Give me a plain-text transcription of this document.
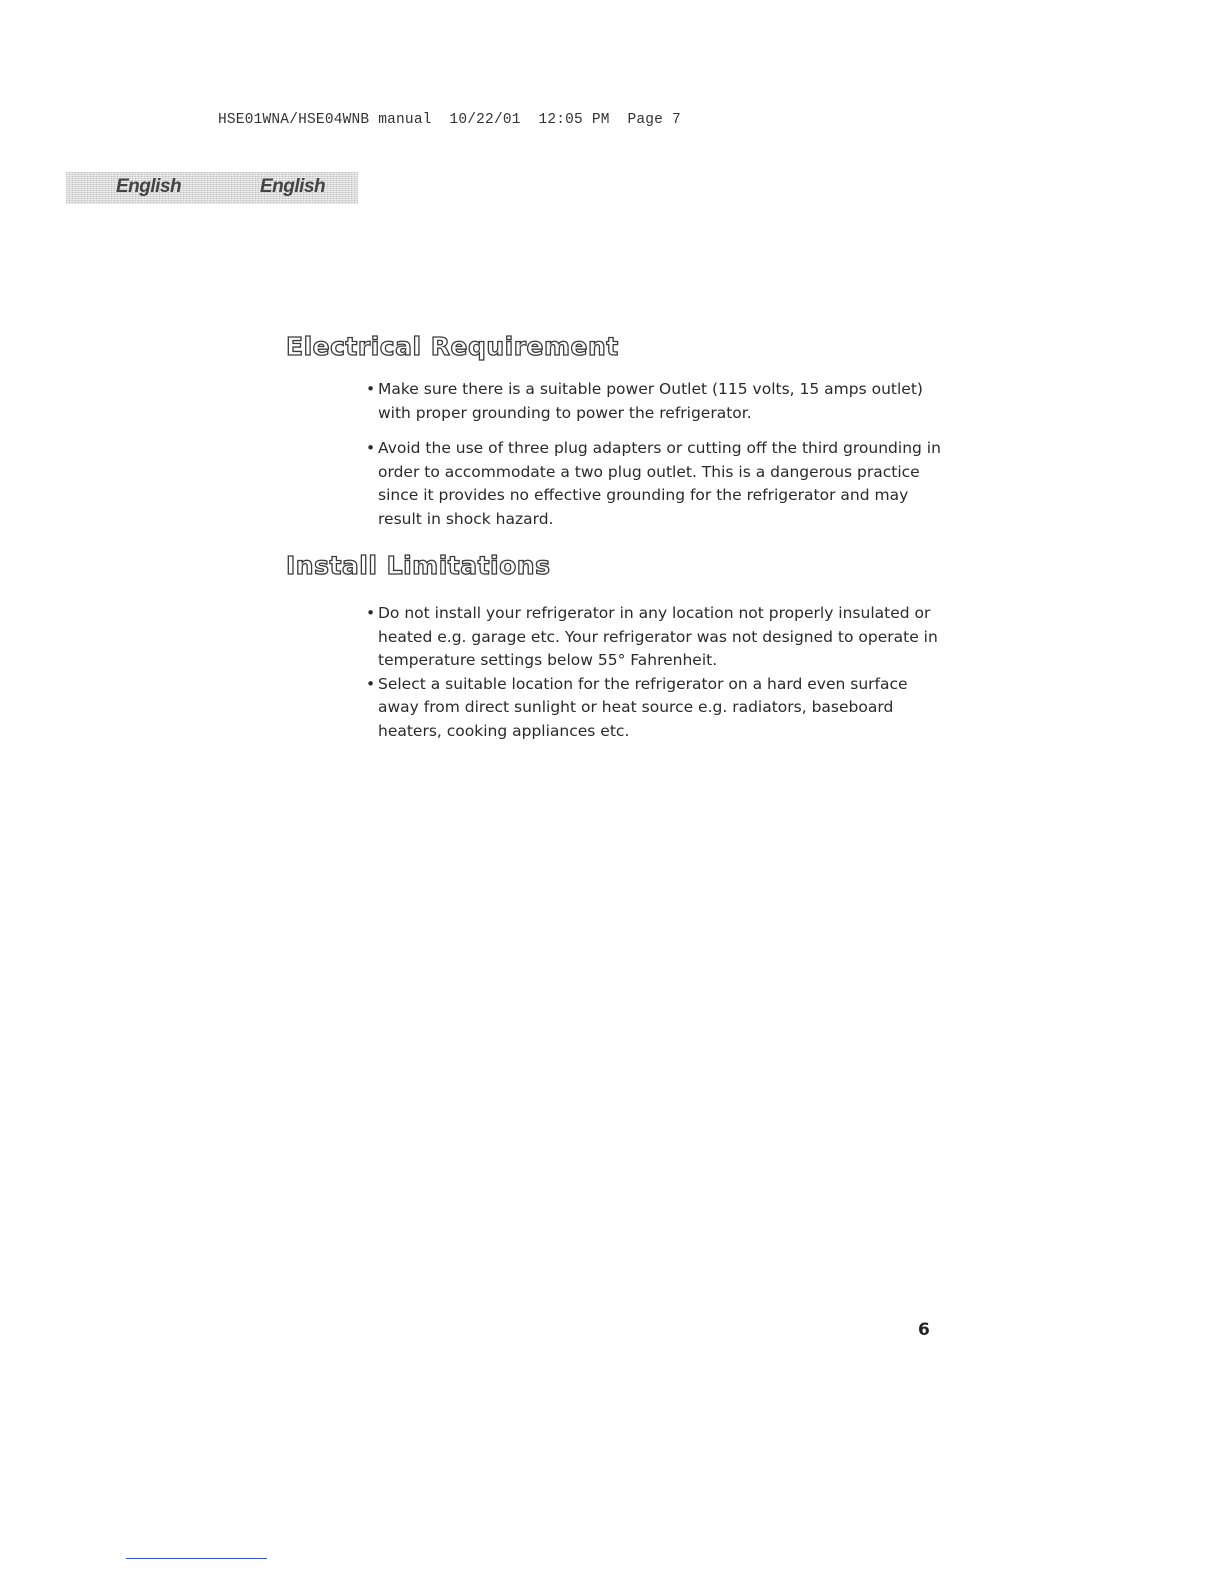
HSE01WNA/HSE04WNB manual  10/22/01  12:05 PM  Page 7
English	English
Electrical Requirement
• Make sure there is a suitable power Outlet (115 volts, 15 amps outlet) with proper grounding to power the refrigerator.
• Avoid the use of three plug adapters or cutting off the third grounding in order to accommodate a two plug outlet. This is a dangerous practice since it provides no effective grounding for the refrigerator and may result in shock hazard.
Install Limitations
• Do not install your refrigerator in any location not properly insulated or heated e.g. garage etc. Your refrigerator was not designed to operate in temperature settings below 55° Fahrenheit.
• Select a suitable location for the refrigerator on a hard even surface away from direct sunlight or heat source e.g. radiators, baseboard heaters, cooking appliances etc.
6
